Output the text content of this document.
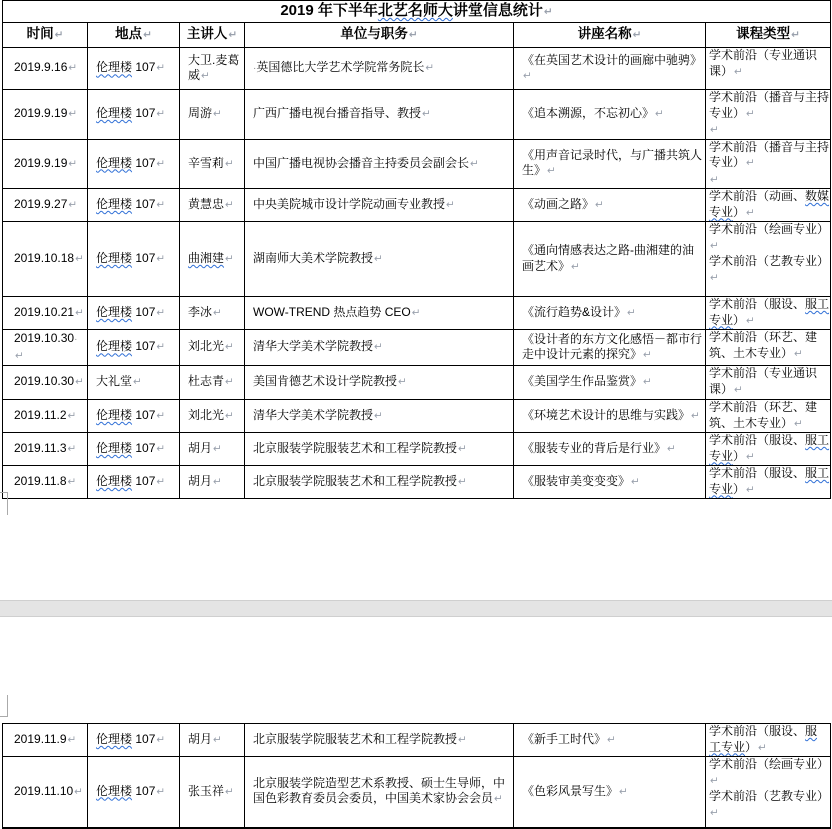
2019 年下半年北艺名师大讲堂信息统计↵					
时间↵	地点↵	主讲人↵	单位与职务↵	讲座名称↵	课程类型↵
2019.9.16↵	伦理楼 107↵	大卫.麦葛威↵	·英国德比大学艺术学院常务院长↵	《在英国艺术设计的画廊中驰骋》↵	学术前沿（专业通识课）↵

2019.9.19↵	伦理楼 107↵	周游↵	广西广播电视台播音指导、教授↵	《追本溯源，不忘初心》↵	学术前沿（播音与主持专业）↵
↵

2019.9.19↵	伦理楼 107↵	辛雪莉↵	中国广播电视协会播音主持委员会副会长↵	《用声音记录时代，与广播共筑人生》↵	学术前沿（播音与主持专业）↵
↵

2019.9.27↵	伦理楼 107↵	黄慧忠↵	中央美院城市设计学院动画专业教授↵	《动画之路》↵	学术前沿（动画、数媒专业）↵

2019.10.18↵	伦理楼 107↵	曲湘建↵	湖南师大美术学院教授↵	《通向情感表达之路-曲湘建的油画艺术》↵	学术前沿（绘画专业）↵
学术前沿（艺教专业）↵

2019.10.21↵	伦理楼 107↵	李冰↵	WOW-TREND 热点趋势 CEO↵	《流行趋势&设计》↵	学术前沿（服设、服工专业）↵

2019.10.30·↵	伦理楼 107↵	刘北光↵	清华大学美术学院教授↵	《设计者的东方文化感悟－都市行走中设计元素的探究》↵	学术前沿（环艺、建筑、土木专业）↵

2019.10.30↵	大礼堂↵	杜志青↵	美国肯德艺术设计学院教授↵	《美国学生作品鉴赏》↵	学术前沿（专业通识课）↵

2019.11.2↵	伦理楼 107↵	刘北光↵	清华大学美术学院教授↵	《环境艺术设计的思维与实践》↵	学术前沿（环艺、建筑、土木专业）↵

2019.11.3↵	伦理楼 107↵	胡月↵	北京服装学院服装艺术和工程学院教授↵	《服装专业的背后是行业》↵	学术前沿（服设、服工专业）↵

2019.11.8↵	伦理楼 107↵	胡月↵	北京服装学院服装艺术和工程学院教授↵	《服装审美变变变》↵	学术前沿（服设、服工专业）↵
2019.11.9↵	伦理楼 107↵	胡月↵	北京服装学院服装艺术和工程学院教授↵	《新手工时代》↵	学术前沿（服设、服工专业）↵

2019.11.10↵	伦理楼 107↵	张玉祥↵	北京服装学院造型艺术系教授、硕士生导师，中国色彩教育委员会委员，中国美术家协会会员↵	《色彩风景写生》↵	学术前沿（绘画专业）↵
学术前沿（艺教专业）↵
